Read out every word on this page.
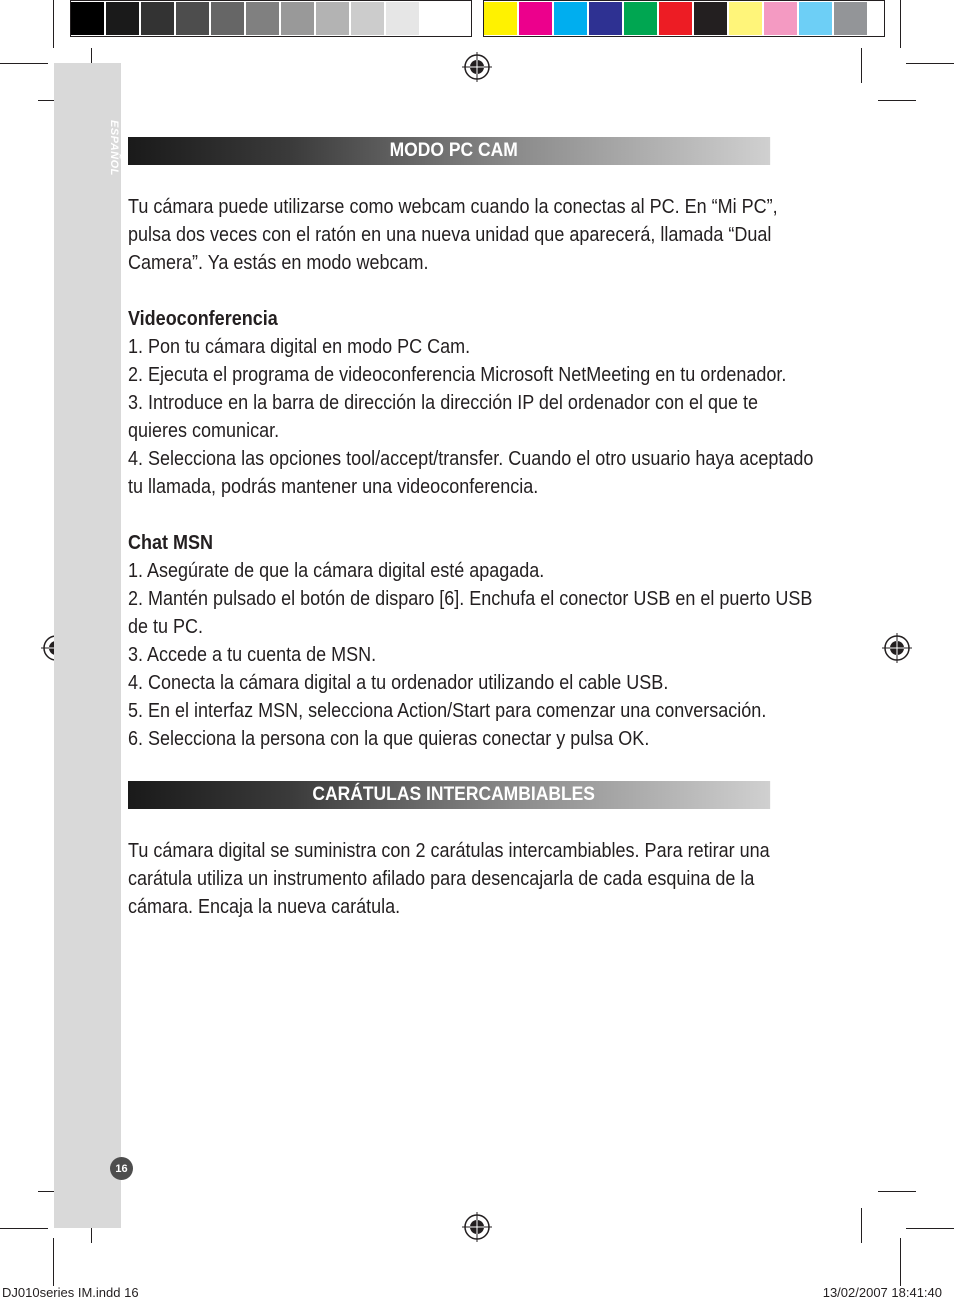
ESPAÑOL
16
MODO PC CAM

Tu cámara puede utilizarse como webcam cuando la conectas al PC. En “Mi PC”, pulsa dos veces con el ratón en una nueva unidad que aparecerá, llamada “Dual Camera”. Ya estás en modo webcam.

Videoconferencia

1. Pon tu cámara digital en modo PC Cam.

2. Ejecuta el programa de videoconferencia Microsoft NetMeeting en tu ordenador.

3. Introduce en la barra de dirección la dirección IP del ordenador con el que te quieres comunicar.

4. Selecciona las opciones tool/accept/transfer. Cuando el otro usuario haya aceptado tu llamada, podrás mantener una videoconferencia.

Chat MSN

1. Asegúrate de que la cámara digital esté apagada.

2. Mantén pulsado el botón de disparo [6]. Enchufa el conector USB en el puerto USB de tu PC.

3. Accede a tu cuenta de MSN.

4. Conecta la cámara digital a tu ordenador utilizando el cable USB.

5. En el interfaz MSN, selecciona Action/Start para comenzar una conversación.

6. Selecciona la persona con la que quieras conectar y pulsa OK.

CARÁTULAS INTERCAMBIABLES

Tu cámara digital se suministra con 2 carátulas intercambiables. Para retirar una carátula utiliza un instrumento afilado para desencajarla de cada esquina de la cámara. Encaja la nueva carátula.

DJ010series IM.indd 16	13/02/2007 18:41:40
